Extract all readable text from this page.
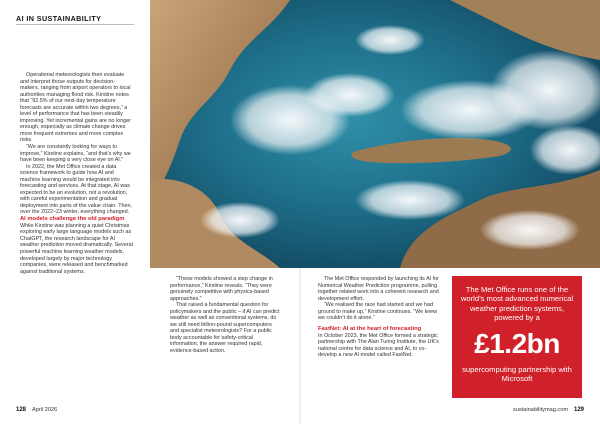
AI IN SUSTAINABILITY

Operational meteorologists then evaluate and interpret those outputs for decision-makers, ranging from airport operators to local authorities managing flood risk. Kirstine notes that “92.5% of our next-day temperature forecasts are accurate within two degrees,” a level of performance that has been steadily improving. Yet incremental gains are no longer enough, especially as climate change drives more frequent extremes and more complex risks.

“We are constantly looking for ways to improve,” Kirstine explains, “and that’s why we have been keeping a very close eye on AI.”

In 2022, the Met Office created a data science framework to guide how AI and machine learning would be integrated into forecasting and services. At that stage, AI was expected to be an evolution, not a revolution, with careful experimentation and gradual deployment into parts of the value chain. Then, over the 2022–23 winter, everything changed.

AI models challenge the old paradigm

While Kirstine was planning a quiet Christmas exploring early large language models such as ChatGPT, the research landscape for AI weather prediction moved dramatically. Several powerful machine learning weather models, developed largely by major technology companies, were released and benchmarked against traditional systems.

“These models showed a step change in performance,” Kirstine reveals. “They were genuinely competitive with physics-based approaches.”

That raised a fundamental question for policymakers and the public – if AI can predict weather as well as conventional systems, do we still need billion-pound supercomputers and specialist meteorologists? For a public body accountable for safety-critical information, the answer required rapid, evidence-based action.

The Met Office responded by launching its AI for Numerical Weather Prediction programme, pulling together related work into a coherent research and development effort.

“We realised the race had started and we had ground to make up,” Kirstine continues. “We knew we couldn’t do it alone.”

FastNet: AI at the heart of forecasting

In October 2023, the Met Office formed a strategic partnership with The Alan Turing Institute, the UK’s national centre for data science and AI, to co-develop a new AI model called FastNet.

The Met Office runs one of the world’s most advanced numerical weather prediction systems, powered by a
£1.2bn
supercomputing partnership with Microsoft
128 April 2026	sustainabilitymag.com 129
